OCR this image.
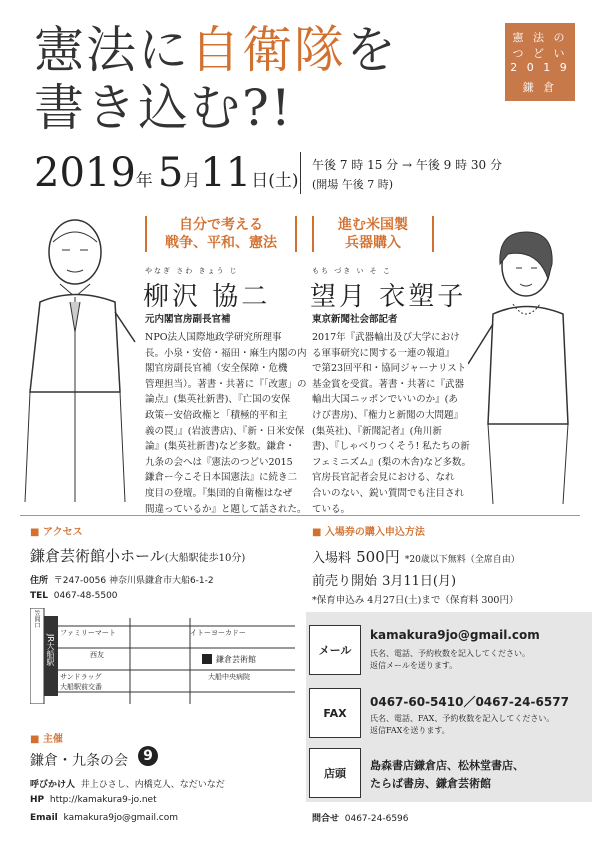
憲法に自衛隊を
書き込む?!
憲 法 の
つ ど い
2 0 1 9
鎌 倉
2019年 5月11日(土)
午後 7 時 15 分 → 午後 9 時 30 分
(開場 午後 7 時)
自分で考える
戦争、平和、憲法
やなぎ さわ きょう じ
柳沢 協二
元内閣官房副長官補
NPO法人国際地政学研究所理事
長。小泉・安倍・福田・麻生内閣の内
閣官房副長官補（安全保障・危機
管理担当）。著書・共著に『「改憲」の
論点』(集英社新書)、『亡国の安保
政策ー安倍政権と「積極的平和主
義の罠」』(岩波書店)、『新・日米安保
論』(集英社新書)など多数。鎌倉・
九条の会へは『憲法のつどい2015
鎌倉ー今こそ日本国憲法』に続き二
度目の登壇。『集団的自衛権はなぜ
間違っているか』と題して話された。
進む米国製
兵器購入
もち づき い そ こ
望月 衣塑子
東京新聞社会部記者
2017年『武器輸出及び大学におけ
る軍事研究に関する一連の報道』
で第23回平和・協同ジャーナリスト
基金賞を受賞。著書・共著に『武器
輸出大国ニッポンでいいのか』(あ
けび書房)、『権力と新聞の大問題』
(集英社)、『新聞記者』(角川新
書)、『しゃべりつくそう! 私たちの新
フェミニズム』(梨の木舎)など多数。
官房長官記者会見における、なれ
合いのない、鋭い質問でも注目され
ている。
■ アクセス
鎌倉芸術館小ホール(大船駅徒歩10分)
住所 〒247-0056 神奈川県鎌倉市大船6-1-2
TEL 0467-48-5500
笠間口
JR大船駅
ファミリーマート	イトーヨーカドー
西友
サンドラッグ
大船駅前交番
鎌倉芸術館
大船中央病院
■ 主催
鎌倉・九条の会	9
呼びかけ人 井上ひさし、内橋克人、なだいなだ
HP http://kamakura9-jo.net
Email kamakura9jo@gmail.com
■ 入場券の購入申込方法
入場料 500円 *20歳以下無料（全席自由）
前売り開始 3月11日(月)
*保育申込み 4月27日(土)まで（保育料 300円）
メール
kamakura9jo@gmail.com
氏名、電話、予約枚数を記入してください。
返信メールを送ります。
FAX
0467-60-5410／0467-24-6577
氏名、電話、FAX、予約枚数を記入してください。
返信FAXを送ります。
店頭
島森書店鎌倉店、松林堂書店、
たらば書房、鎌倉芸術館
問合せ 0467-24-6596
